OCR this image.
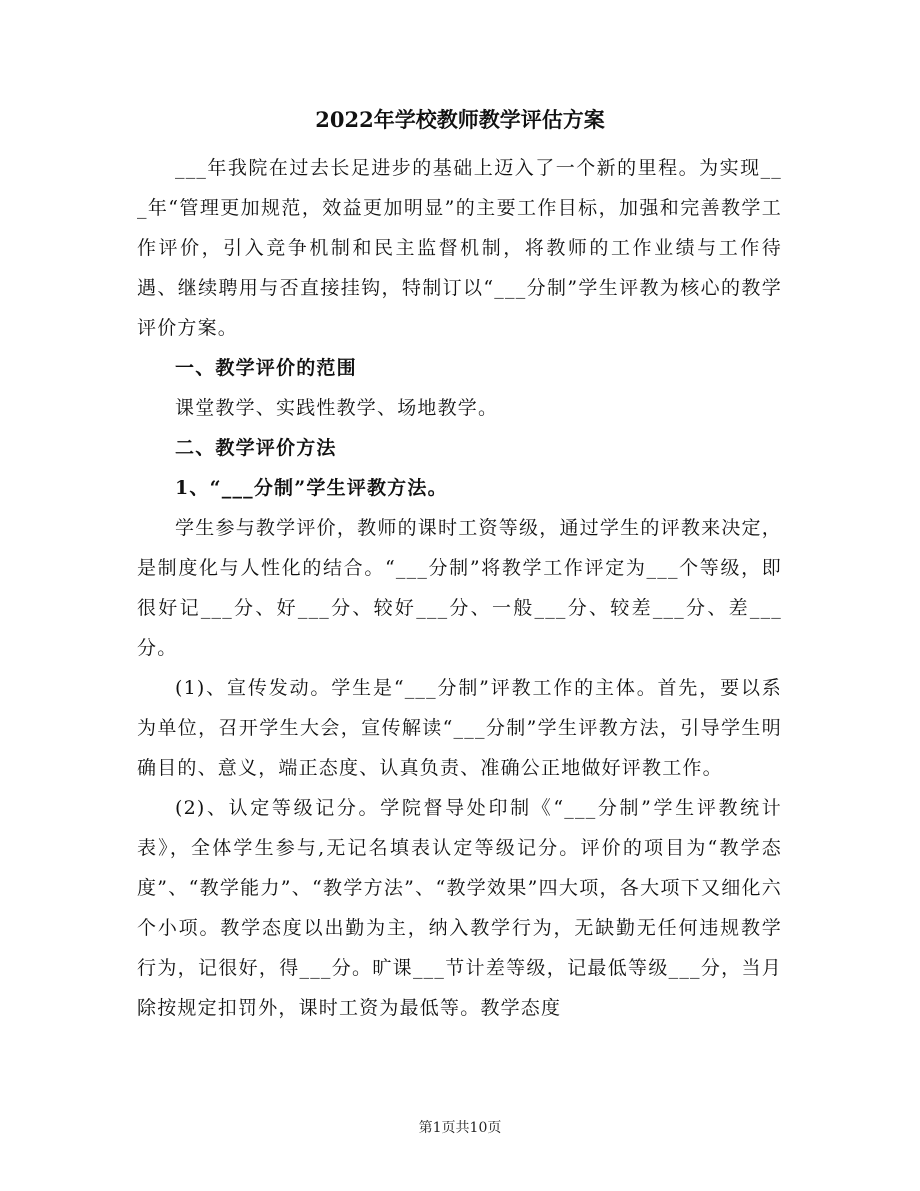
2022年学校教师教学评估方案

___年我院在过去长足进步的基础上迈入了一个新的里程。为实现___年“管理更加规范，效益更加明显”的主要工作目标，加强和完善教学工作评价，引入竞争机制和民主监督机制，将教师的工作业绩与工作待遇、继续聘用与否直接挂钩，特制订以“___分制”学生评教为核心的教学评价方案。

一、教学评价的范围

课堂教学、实践性教学、场地教学。

二、教学评价方法

1、“___分制”学生评教方法。

学生参与教学评价，教师的课时工资等级，通过学生的评教来决定，是制度化与人性化的结合。“___分制”将教学工作评定为___个等级，即很好记___分、好___分、较好___分、一般___分、较差___分、差___分。

(1)、宣传发动。学生是“___分制”评教工作的主体。首先，要以系为单位，召开学生大会，宣传解读“___分制”学生评教方法，引导学生明确目的、意义，端正态度、认真负责、准确公正地做好评教工作。

(2)、认定等级记分。学院督导处印制《“___分制”学生评教统计表》，全体学生参与,无记名填表认定等级记分。评价的项目为“教学态度”、“教学能力”、“教学方法”、“教学效果”四大项，各大项下又细化六个小项。教学态度以出勤为主，纳入教学行为，无缺勤无任何违规教学行为，记很好，得___分。旷课___节计差等级，记最低等级___分，当月除按规定扣罚外，课时工资为最低等。教学态度

第1页共10页
